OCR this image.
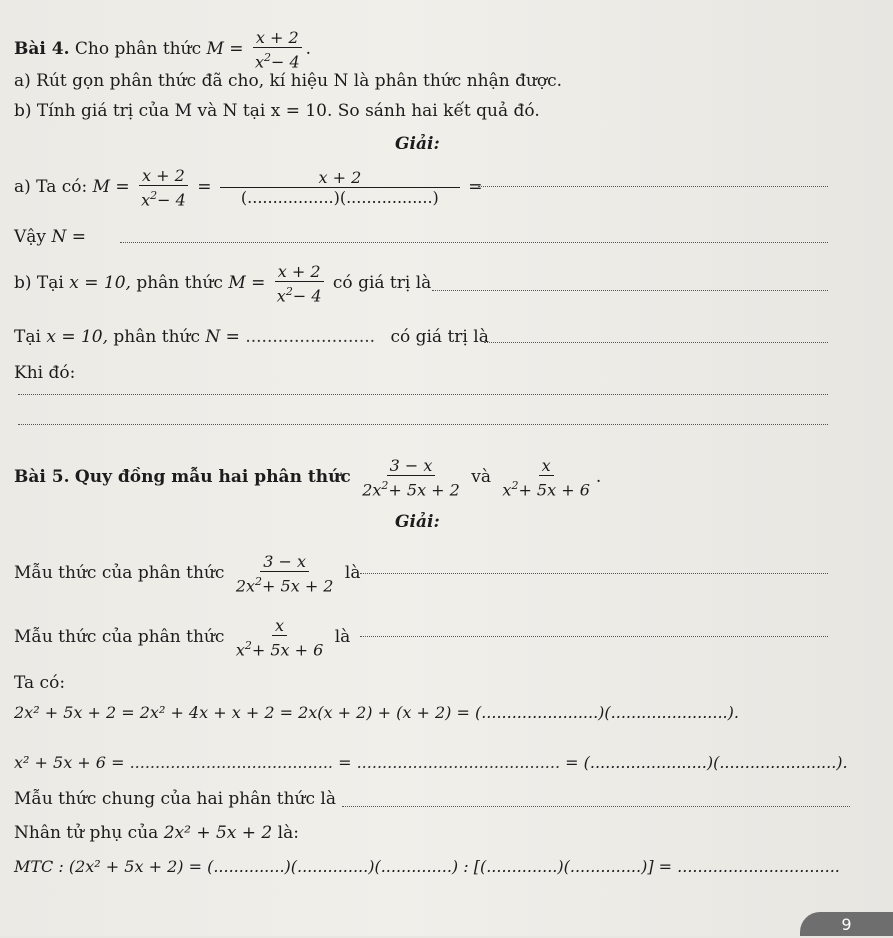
Bài 4. Cho phân thức $M = \frac{x + 2}{x^2- 4}$ .
a) Rút gọn phân thức đã cho, kí hiệu N là phân thức nhận được.
b) Tính giá trị của M và N tại x = 10. So sánh hai kết quả đó.
Giải:
a) Ta có: $M = \frac{x + 2}{x^2- 4} = \frac{x + 2}{(.................)(.................)}$ =
Vậy N =
b) Tại x = 10, phân thức $M = \frac{x + 2}{x^2- 4}$ có giá trị là
Tại x = 10, phân thức N = ........................ có giá trị là
Khi đó:
Bài 5. Quy đồng mẫu hai phân thức $\frac{3 - x}{2x^2+ 5x + 2}$ và $\frac{x}{x^2+ 5x + 6}$ .
Giải:
Mẫu thức của phân thức $\frac{3 - x}{2x^2+ 5x + 2}$ là
Mẫu thức của phân thức $\frac{x}{x^2+ 5x + 6}$ là
Ta có:
2x² + 5x + 2 = 2x² + 4x + x + 2 = 2x(x + 2) + (x + 2) = (.......................)(.......................).
x² + 5x + 6 = ........................................ = ........................................ = (.......................)(.......................).
Mẫu thức chung của hai phân thức là
Nhân tử phụ của 2x² + 5x + 2 là:
MTC : (2x² + 5x + 2) = (..............)(..............)(..............) : [(..............)(..............)] = ................................
9
